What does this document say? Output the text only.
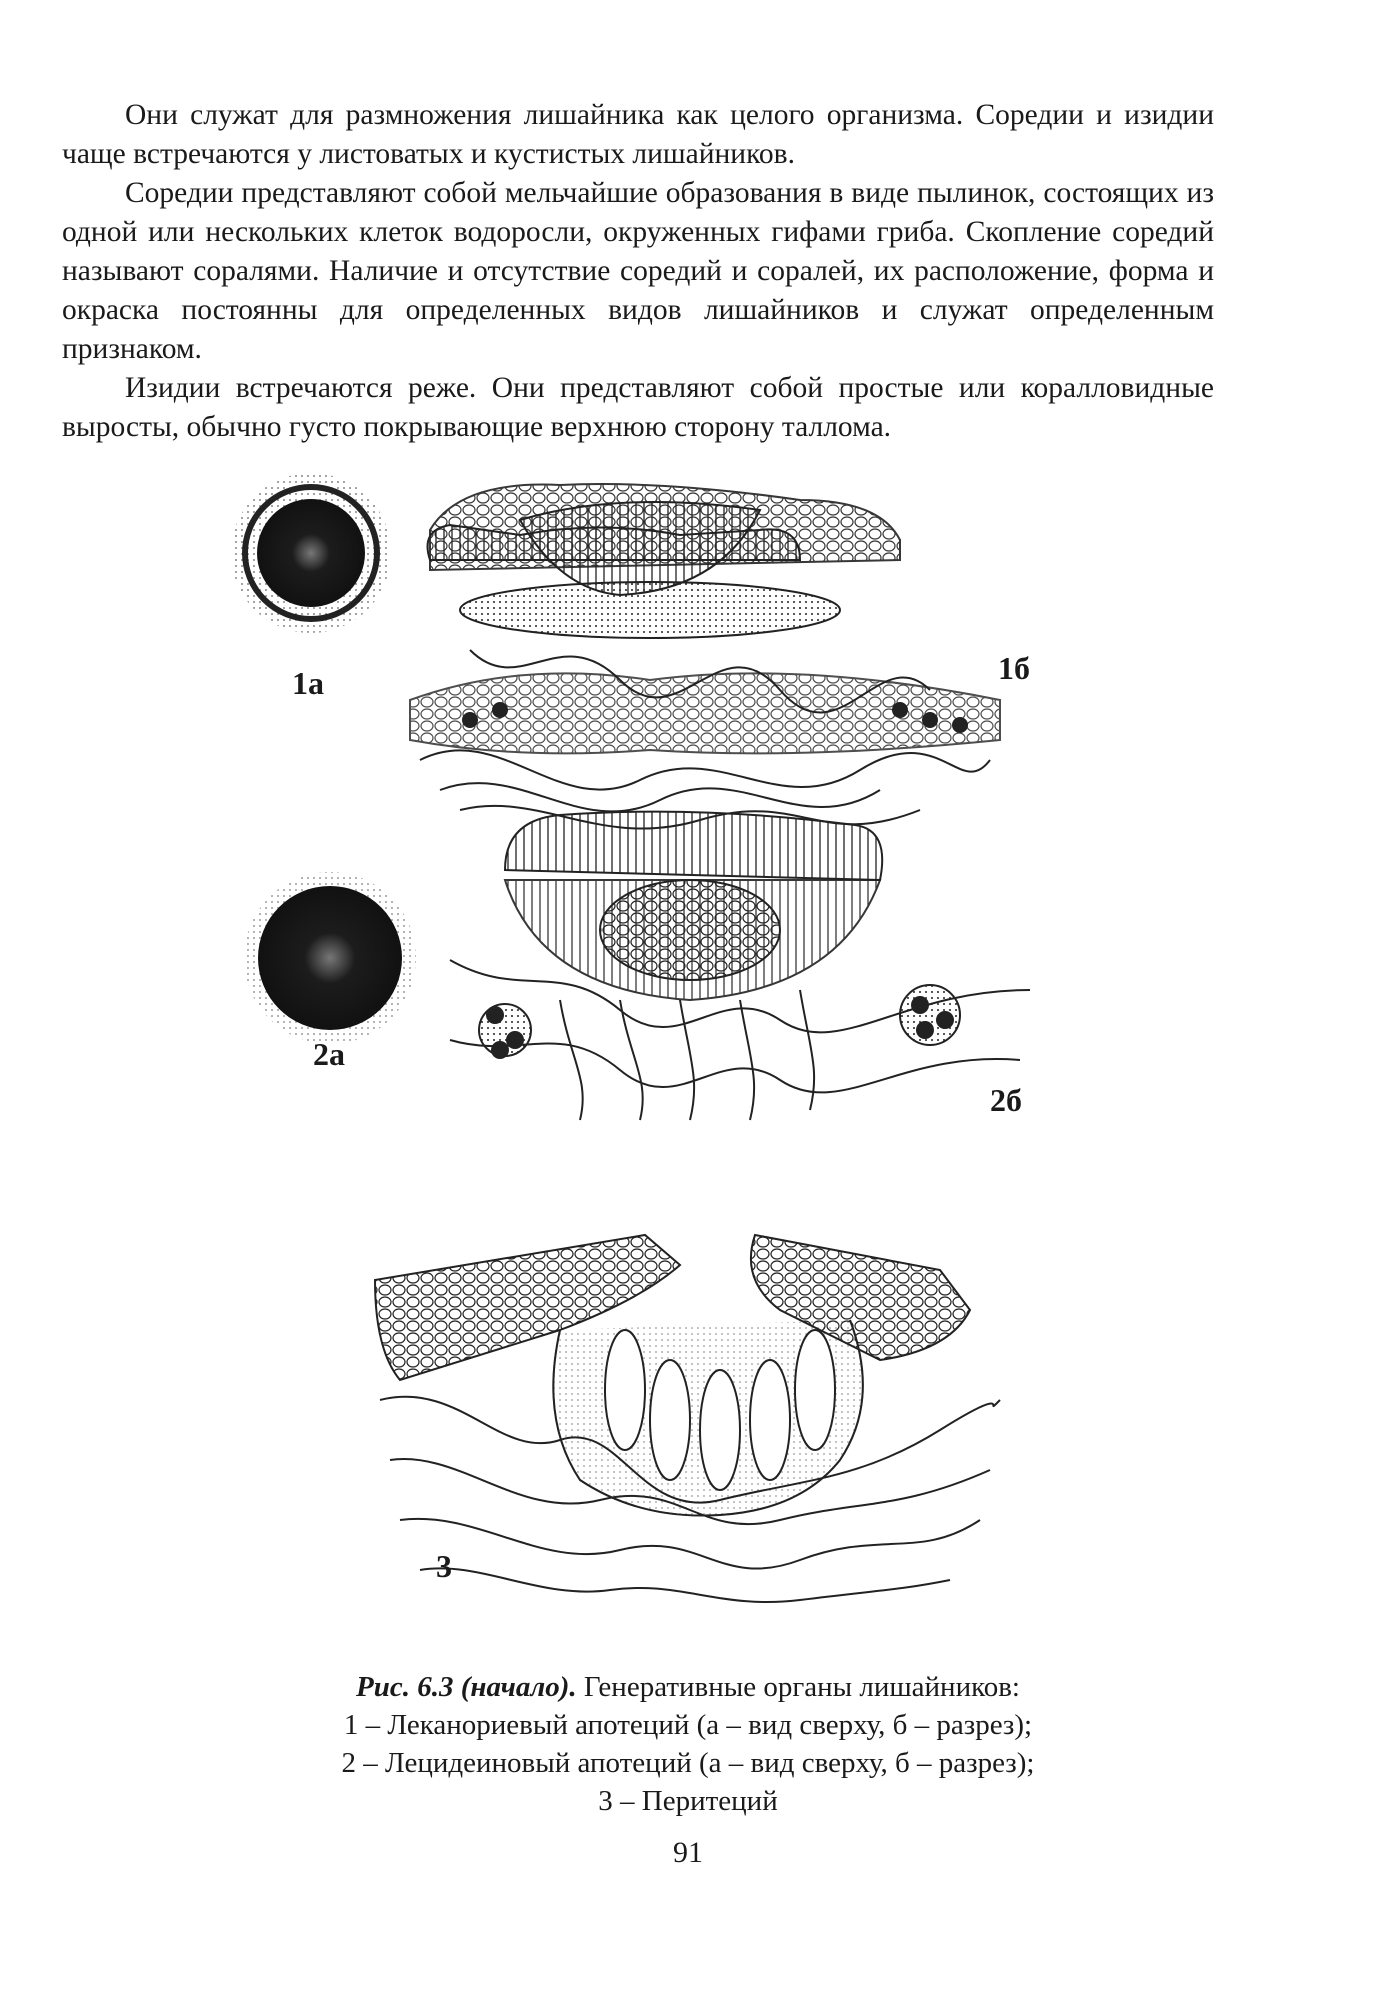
Они служат для размножения лишайника как целого организма. Соредии и изидии чаще встречаются у листоватых и кустистых лишайников.

Соредии представляют собой мельчайшие образования в виде пылинок, состоящих из одной или нескольких клеток водоросли, окруженных гифами гриба. Скопление соредий называют соралями. Наличие и отсутствие соредий и соралей, их расположение, форма и окраска постоянны для определенных видов лишайников и служат определенным признаком.

Изидии встречаются реже. Они представляют собой простые или коралловидные выросты, обычно густо покрывающие верхнюю сторону таллома.

1а	1б
2а
2б
3
Рис. 6.3 (начало). Генеративные органы лишайников:
1 – Леканориевый апотеций (а – вид сверху, б – разрез);
2 – Лецидеиновый апотеций (а – вид сверху, б – разрез);
3 – Перитеций
91
